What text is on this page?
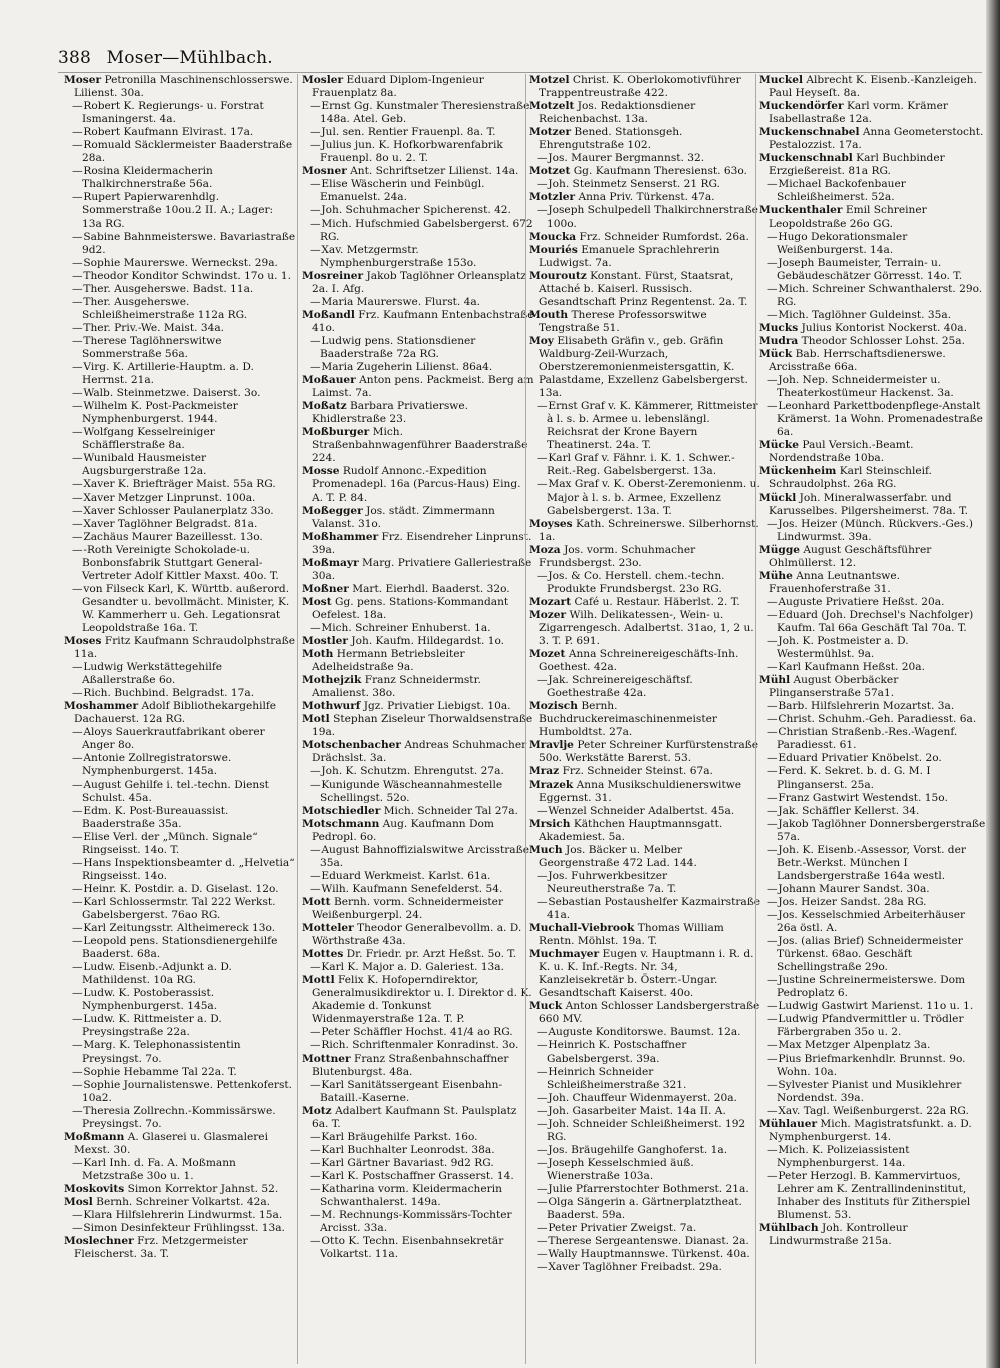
388 Moser—Mühlbach.
Moser Petronilla Maschinenschlosserswe. Lilienst. 30a.
— Robert K. Regierungs- u. Forstrat Ismaningerst. 4a.
— Robert Kaufmann Elvirast. 17a.
— Romuald Säcklermeister Baaderstraße 28a.
— Rosina Kleidermacherin Thalkirchnerstraße 56a.
— Rupert Papierwarenhdlg. Sommerstraße 10ou.2 II. A.; Lager: 13a RG.
— Sabine Bahnmeisterswe. Bavariastraße 9d2.
— Sophie Maurerswe. Werneckst. 29a.
— Theodor Konditor Schwindst. 17o u. 1.
— Ther. Ausgeherswe. Badst. 11a.
— Ther. Ausgeherswe. Schleißheimerstraße 112a RG.
— Ther. Priv.-We. Maist. 34a.
— Therese Taglöhnerswitwe Sommerstraße 56a.
— Virg. K. Artillerie-Hauptm. a. D. Herrnst. 21a.
— Walb. Steinmetzwe. Daiserst. 3o.
— Wilhelm K. Post-Packmeister Nymphenburgerst. 1944.
— Wolfgang Kesselreiniger Schäfflerstraße 8a.
— Wunibald Hausmeister Augsburgerstraße 12a.
— Xaver K. Briefträger Maist. 55a RG.
— Xaver Metzger Linprunst. 100a.
— Xaver Schlosser Paulanerplatz 33o.
— Xaver Taglöhner Belgradst. 81a.
— Zachäus Maurer Bazeillesst. 13o.
— -Roth Vereinigte Schokolade-u. Bonbonsfabrik Stuttgart General-Vertreter Adolf Kittler Maxst. 40o. T.
— von Filseck Karl, K. Württb. außerord. Gesandter u. bevollmächt. Minister, K. W. Kammerherr u. Geh. Legationsrat Leopoldstraße 16a. T.
Moses Fritz Kaufmann Schraudolphstraße 11a.
— Ludwig Werkstättegehilfe Aßallerstraße 6o.
— Rich. Buchbind. Belgradst. 17a.
Moshammer Adolf Bibliothekargehilfe Dachauerst. 12a RG.
— Aloys Sauerkrautfabrikant oberer Anger 8o.
— Antonie Zollregistratorswe. Nymphenburgerst. 145a.
— August Gehilfe i. tel.-techn. Dienst Schulst. 45a.
— Edm. K. Post-Bureauassist. Baaderstraße 35a.
— Elise Verl. der „Münch. Signale“ Ringseisst. 14o. T.
— Hans Inspektionsbeamter d. „Helvetia“ Ringseisst. 14o.
— Heinr. K. Postdir. a. D. Giselast. 12o.
— Karl Schlossermstr. Tal 222 Werkst. Gabelsbergerst. 76ao RG.
— Karl Zeitungsstr. Altheimereck 13o.
— Leopold pens. Stationsdienergehilfe Baaderst. 68a.
— Ludw. Eisenb.-Adjunkt a. D. Mathildenst. 10a RG.
— Ludw. K. Postoberassist. Nymphenburgerst. 145a.
— Ludw. K. Rittmeister a. D. Preysingstraße 22a.
— Marg. K. Telephonassistentin Preysingst. 7o.
— Sophie Hebamme Tal 22a. T.
— Sophie Journalistenswe. Pettenkoferst. 10a2.
— Theresia Zollrechn.-Kommissärswe. Preysingst. 7o.
Moßmann A. Glaserei u. Glasmalerei Mexst. 30.
— Karl Inh. d. Fa. A. Moßmann Metzstraße 30o u. 1.
Moskovits Simon Korrektor Jahnst. 52.
Mosl Bernh. Schreiner Volkartst. 42a.
— Klara Hilfslehrerin Lindwurmst. 15a.
— Simon Desinfekteur Frühlingsst. 13a.
Moslechner Frz. Metzgermeister Fleischerst. 3a. T.
Mosler Eduard Diplom-Ingenieur Frauenplatz 8a.
— Ernst Gg. Kunstmaler Theresienstraße 148a. Atel. Geb.
— Jul. sen. Rentier Frauenpl. 8a. T.
— Julius jun. K. Hofkorbwarenfabrik Frauenpl. 8o u. 2. T.
Mosner Ant. Schriftsetzer Lilienst. 14a.
— Elise Wäscherin und Feinbügl. Emanuelst. 24a.
— Joh. Schuhmacher Spicherenst. 42.
— Mich. Hufschmied Gabelsbergerst. 672 RG.
— Xav. Metzgermstr. Nymphenburgerstraße 153o.
Mosreiner Jakob Taglöhner Orleansplatz 2a. I. Afg.
— Maria Maurerswe. Flurst. 4a.
Moßandl Frz. Kaufmann Entenbachstraße 41o.
— Ludwig pens. Stationsdiener Baaderstraße 72a RG.
— Maria Zugeherin Lilienst. 86a4.
Moßauer Anton pens. Packmeist. Berg am Laimst. 7a.
Moßatz Barbara Privatierswe. Khidlerstraße 23.
Moßburger Mich. Straßenbahnwagenführer Baaderstraße 224.
Mosse Rudolf Annonc.-Expedition Promenadepl. 16a (Parcus-Haus) Eing. A. T. P. 84.
Moßegger Jos. städt. Zimmermann Valanst. 31o.
Moßhammer Frz. Eisendreher Linprunst. 39a.
Moßmayr Marg. Privatiere Galleriestraße 30a.
Moßner Mart. Eierhdl. Baaderst. 32o.
Most Gg. pens. Stations-Kommandant Oefelest. 18a.
— Mich. Schreiner Enhuberst. 1a.
Mostler Joh. Kaufm. Hildegardst. 1o.
Moth Hermann Betriebsleiter Adelheidstraße 9a.
Mothejzik Franz Schneidermstr. Amalienst. 38o.
Mothwurf Jgz. Privatier Liebigst. 10a.
Motl Stephan Ziseleur Thorwaldsenstraße 19a.
Motschenbacher Andreas Schuhmacher Drächslst. 3a.
— Joh. K. Schutzm. Ehrengutst. 27a.
— Kunigunde Wäscheannahmestelle Schellingst. 52o.
Motschiedler Mich. Schneider Tal 27a.
Motschmann Aug. Kaufmann Dom Pedropl. 6o.
— August Bahnoffizialswitwe Arcisstraße 35a.
— Eduard Werkmeist. Karlst. 61a.
— Wilh. Kaufmann Senefelderst. 54.
Mott Bernh. vorm. Schneidermeister Weißenburgerpl. 24.
Motteler Theodor Generalbevollm. a. D. Wörthstraße 43a.
Mottes Dr. Friedr. pr. Arzt Heßst. 5o. T.
— Karl K. Major a. D. Galeriest. 13a.
Mottl Felix K. Hofoperndirektor, Generalmusikdirektor u. I. Direktor d. K. Akademie d. Tonkunst Widenmayerstraße 12a. T. P.
— Peter Schäffler Hochst. 41/4 ao RG.
— Rich. Schriftenmaler Konradinst. 3o.
Mottner Franz Straßenbahnschaffner Blutenburgst. 48a.
— Karl Sanitätssergeant Eisenbahn-Bataill.-Kaserne.
Motz Adalbert Kaufmann St. Paulsplatz 6a. T.
— Karl Bräugehilfe Parkst. 16o.
— Karl Buchhalter Leonrodst. 38a.
— Karl Gärtner Bavariast. 9d2 RG.
— Karl K. Postschaffner Grasserst. 14.
— Katharina vorm. Kleidermacherin Schwanthalerst. 149a.
— M. Rechnungs-Kommissärs-Tochter Arcisst. 33a.
— Otto K. Techn. Eisenbahnsekretär Volkartst. 11a.
Motzel Christ. K. Oberlokomotivführer Trappentreustraße 422.
Motzelt Jos. Redaktionsdiener Reichenbachst. 13a.
Motzer Bened. Stationsgeh. Ehrengutstraße 102.
— Jos. Maurer Bergmannst. 32.
Motzet Gg. Kaufmann Theresienst. 63o.
— Joh. Steinmetz Senserst. 21 RG.
Motzler Anna Priv. Türkenst. 47a.
— Joseph Schulpedell Thalkirchnerstraße 100o.
Moucka Frz. Schneider Rumfordst. 26a.
Mouriés Emanuele Sprachlehrerin Ludwigst. 7a.
Mouroutz Konstant. Fürst, Staatsrat, Attaché b. Kaiserl. Russisch. Gesandtschaft Prinz Regentenst. 2a. T.
Mouth Therese Professorswitwe Tengstraße 51.
Moy Elisabeth Gräfin v., geb. Gräfin Waldburg-Zeil-Wurzach, Oberstzeremonienmeistersgattin, K. Palastdame, Exzellenz Gabelsbergerst. 13a.
— Ernst Graf v. K. Kämmerer, Rittmeister à l. s. b. Armee u. lebenslängl. Reichsrat der Krone Bayern Theatinerst. 24a. T.
— Karl Graf v. Fähnr. i. K. 1. Schwer.-Reit.-Reg. Gabelsbergerst. 13a.
— Max Graf v. K. Oberst-Zeremonienm. u. Major à l. s. b. Armee, Exzellenz Gabelsbergerst. 13a. T.
Moyses Kath. Schreinerswe. Silberhornst. 1a.
Moza Jos. vorm. Schuhmacher Frundsbergst. 23o.
— Jos. & Co. Herstell. chem.-techn. Produkte Frundsbergst. 23o RG.
Mozart Café u. Restaur. Häberlst. 2. T.
Mozer Wilh. Delikatessen-, Wein- u. Zigarrengesch. Adalbertst. 31ao, 1, 2 u. 3. T. P. 691.
Mozet Anna Schreinereigeschäfts-Inh. Goethest. 42a.
— Jak. Schreinereigeschäftsf. Goethestraße 42a.
Mozisch Bernh. Buchdruckereimaschinenmeister Humboldtst. 27a.
Mravlje Peter Schreiner Kurfürstenstraße 50o. Werkstätte Barerst. 53.
Mraz Frz. Schneider Steinst. 67a.
Mrazek Anna Musikschuldienerswitwe Eggernst. 31.
— Wenzel Schneider Adalbertst. 45a.
Mrsich Käthchen Hauptmannsgatt. Akademiest. 5a.
Much Jos. Bäcker u. Melber Georgenstraße 472 Lad. 144.
— Jos. Fuhrwerkbesitzer Neureutherstraße 7a. T.
— Sebastian Postaushelfer Kazmairstraße 41a.
Muchall-Viebrook Thomas William Rentn. Möhlst. 19a. T.
Muchmayer Eugen v. Hauptmann i. R. d. K. u. K. Inf.-Regts. Nr. 34, Kanzleisekretär b. Österr.-Ungar. Gesandtschaft Kaiserst. 40o.
Muck Anton Schlosser Landsbergerstraße 660 MV.
— Auguste Konditorswe. Baumst. 12a.
— Heinrich K. Postschaffner Gabelsbergerst. 39a.
— Heinrich Schneider Schleißheimerstraße 321.
— Joh. Chauffeur Widenmayerst. 20a.
— Joh. Gasarbeiter Maist. 14a II. A.
— Joh. Schneider Schleißheimerst. 192 RG.
— Jos. Bräugehilfe Ganghoferst. 1a.
— Joseph Kesselschmied äuß. Wienerstraße 103a.
— Julie Pfarrerstochter Bothmerst. 21a.
— Olga Sängerin a. Gärtnerplatztheat. Baaderst. 59a.
— Peter Privatier Zweigst. 7a.
— Therese Sergeantenswe. Dianast. 2a.
— Wally Hauptmannswe. Türkenst. 40a.
— Xaver Taglöhner Freibadst. 29a.
Muckel Albrecht K. Eisenb.-Kanzleigeh. Paul Heyseſt. 8a.
Muckendörfer Karl vorm. Krämer Isabellastraße 12a.
Muckenschnabel Anna Geometerstocht. Pestalozzist. 17a.
Muckenschnabl Karl Buchbinder Erzgießereist. 81a RG.
— Michael Backofenbauer Schleißheimerst. 52a.
Muckenthaler Emil Schreiner Leopoldstraße 26o GG.
— Hugo Dekorationsmaler Weißenburgerst. 14a.
— Joseph Baumeister, Terrain- u. Gebäudeschätzer Görresst. 14o. T.
— Mich. Schreiner Schwanthalerst. 29o. RG.
— Mich. Taglöhner Guldeinst. 35a.
Mucks Julius Kontorist Nockerst. 40a.
Mudra Theodor Schlosser Lohst. 25a.
Mück Bab. Herrschaftsdienerswe. Arcisstraße 66a.
— Joh. Nep. Schneidermeister u. Theaterkostümeur Hackenst. 3a.
— Leonhard Parkettbodenpflege-Anstalt Krämerst. 1a Wohn. Promenadestraße 6a.
Mücke Paul Versich.-Beamt. Nordendstraße 10ba.
Mückenheim Karl Steinschleif. Schraudolphst. 26a RG.
Mückl Joh. Mineralwasserfabr. und Karusselbes. Pilgersheimerst. 78a. T.
— Jos. Heizer (Münch. Rückvers.-Ges.) Lindwurmst. 39a.
Mügge August Geschäftsführer Ohlmüllerst. 12.
Mühe Anna Leutnantswe. Frauenhoferstraße 31.
— Auguste Privatiere Heßst. 20a.
— Eduard (Joh. Drechsel's Nachfolger) Kaufm. Tal 66a Geschäft Tal 70a. T.
— Joh. K. Postmeister a. D. Westermühlst. 9a.
— Karl Kaufmann Heßst. 20a.
Mühl August Oberbäcker Plinganserstraße 57a1.
— Barb. Hilfslehrerin Mozartst. 3a.
— Christ. Schuhm.-Geh. Paradiesst. 6a.
— Christian Straßenb.-Res.-Wagenf. Paradiesst. 61.
— Eduard Privatier Knöbelst. 2o.
— Ferd. K. Sekret. b. d. G. M. I Plinganserst. 25a.
— Franz Gastwirt Westendst. 15o.
— Jak. Schäffler Kellerst. 34.
— Jakob Taglöhner Donnersbergerstraße 57a.
— Joh. K. Eisenb.-Assessor, Vorst. der Betr.-Werkst. München I Landsbergerstraße 164a westl.
— Johann Maurer Sandst. 30a.
— Jos. Heizer Sandst. 28a RG.
— Jos. Kesselschmied Arbeiterhäuser 26a östl. A.
— Jos. (alias Brief) Schneidermeister Türkenst. 68ao. Geschäft Schellingstraße 29o.
— Justine Schreinermeisterswe. Dom Pedroplatz 6.
— Ludwig Gastwirt Marienst. 11o u. 1.
— Ludwig Pfandvermittler u. Trödler Färbergraben 35o u. 2.
— Max Metzger Alpenplatz 3a.
— Pius Briefmarkenhdlr. Brunnst. 9o. Wohn. 10a.
— Sylvester Pianist und Musiklehrer Nordendst. 39a.
— Xav. Tagl. Weißenburgerst. 22a RG.
Mühlauer Mich. Magistratsfunkt. a. D. Nymphenburgerst. 14.
— Mich. K. Polizeiassistent Nymphenburgerst. 14a.
— Peter Herzogl. B. Kammervirtuos, Lehrer am K. Zentrallindeninstitut, Inhaber des Instituts für Zitherspiel Blumenst. 53.
Mühlbach Joh. Kontrolleur Lindwurmstraße 215a.
